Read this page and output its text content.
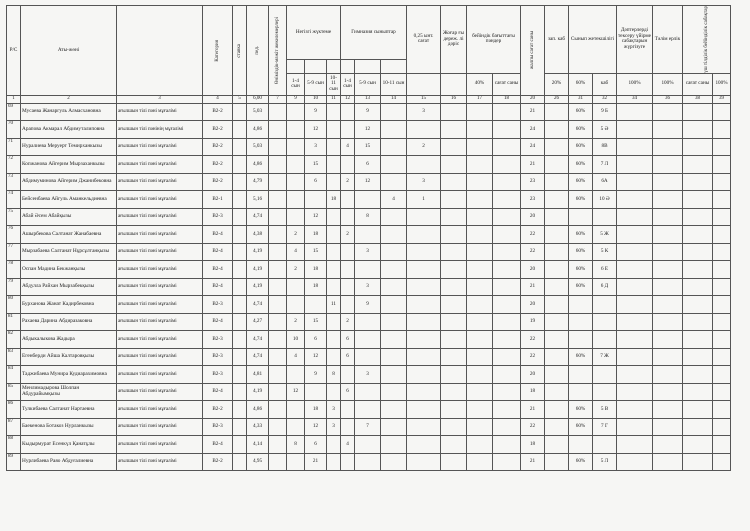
Р/С	Аты-жөні		Категория	ставка	пед.	Өніміздік-мәжіт жекелемерлері	Негізгі жүктеме			Гимназия сыныптар			0,25 ынт. сағат	Жоғар ғы дереж. лі дәріс	бейіндік бағыттағы пәндер		жалпы сағат саны	зап. каб	Сынып жетекшілігі		Дәптерлерді тексеру үйірме сабақтарын жүргізуге	Тәлім ерлік	үш тілділік бейінділік сабақтар	

							1-4 сын	5-9 сын	10-11 сын	1-4 сын	5-9 сын	10-11 сын			40%	сағат саны		20%	60%	каб	100%	100%	сағат саны	100%
1	2	3	4	5	6,00	7	9	10	11	12	13	14	15	16	17	18	20	26	31	32	34	36	38	39
69	Мусаева Жанаргуль Алмасхановна	ағылшын тілі пәні мұғалімі	B2-2		5,03			9			9		3				21		60%	9 Б				
70	Арапова Акмарал Абдимуталиповна	ағылшын тілі пәнінің мұғалімі	B2-2		4,86			12			12						24		60%	5 Ә				
71	Нуралиева Меруерт Темирханкызы	ағылшын тілі пәні мұғалімі	B2-2		5,03			3		4	15		2				24		60%	8В				
72	Копжанова Айгерим Мырзаханкызы	ағылшын тілі пәні мұғалімі	B2-2		4,86			15			6						21		60%	7 Л				
73	Абдимуминова Айгерим Джанибековна	ағылшын тілі пәні мұғалімі	B2-2		4,79			6		2	12		3				23		60%	6А				
74	Бейсенбаева Айгуль Аманкельдиевна	ағылшын тілі пәні мұғалімі	B2-1		5,16				18			4	1				23		60%	10 Ә				
75	Абай Әсем Абайқызы	ағылшын тілі пәні мұғалімі	B2-3		4,74			12			8						20							
76	Ашырбекова Салтанат Жанабаевна	ағылшын тілі пәні мұғалімі	B2-4		4,38		2	18		2							22		60%	5 Ж				
77	Мырзабаева Салтанат Нұрсұлтанқызы	ағылшын тілі пәні мұғалімі	B2-4		4,19		4	15			3						22		60%	5 К				
78	Оспан Мадина Бекжанқызы	ағылшын тілі пәні мұғалімі	B2-4		4,19		2	18									20		60%	6 Е				
79	Абдулла Райхан Мырзабекқызы	ағылшын тілі пәні мұғалімі	B2-4		4,19			18			3						21		60%	6 Д				
80	Бурханова Жанат Кадирбековна	ағылшын тілі пәні мұғалімі	B2-3		4,74				11		9						20							
81	Рахаева Дарина Абдиразаковна	ағылшын тілі пәні мұғалімі	B2-4		4,27		2	15		2							19							
82	Абдыкалыкова Жадыра	ағылшын тілі пәні мұғалімі	B2-3		4,74		10	6		6							22							
83	Егенберди Айша Калтаровқызы	ағылшын тілі пәні мұғалімі	B2-3		4,74		4	12		6							22		60%	7 Ж				
84	Таджибаева Мунира Кудиарахимовна	ағылшын тілі пәні мұғалімі	B2-3		4,81			9	8		3						20							
85	Менлимадырова Шолпан Абдурайымқызы	ағылшын тілі пәні мұғалімі	B2-4		4,19		12			6							18							
86	Тулкибаева Салтанат Нартаевна	ағылшын тілі пәні мұғалімі	B2-2		4,86			18	3								21		60%	5 В				
87	Баекенова Ботакоз Нурланкызы	ағылшын тілі пәні мұғалімі	B2-3		4,33			12	3		7						22		60%	7 Г				
88	Кыдырмурат Есенкүл Қанатұлы	ағылшын тілі пәні мұғалімі	B2-4		4,14		8	6		4							18							
89	Нурлибаева Раяо Абдуғалиевна	ағылшын тілі пәні мұғалімі	B2-2		4,95			21									21		60%	5 Л				
